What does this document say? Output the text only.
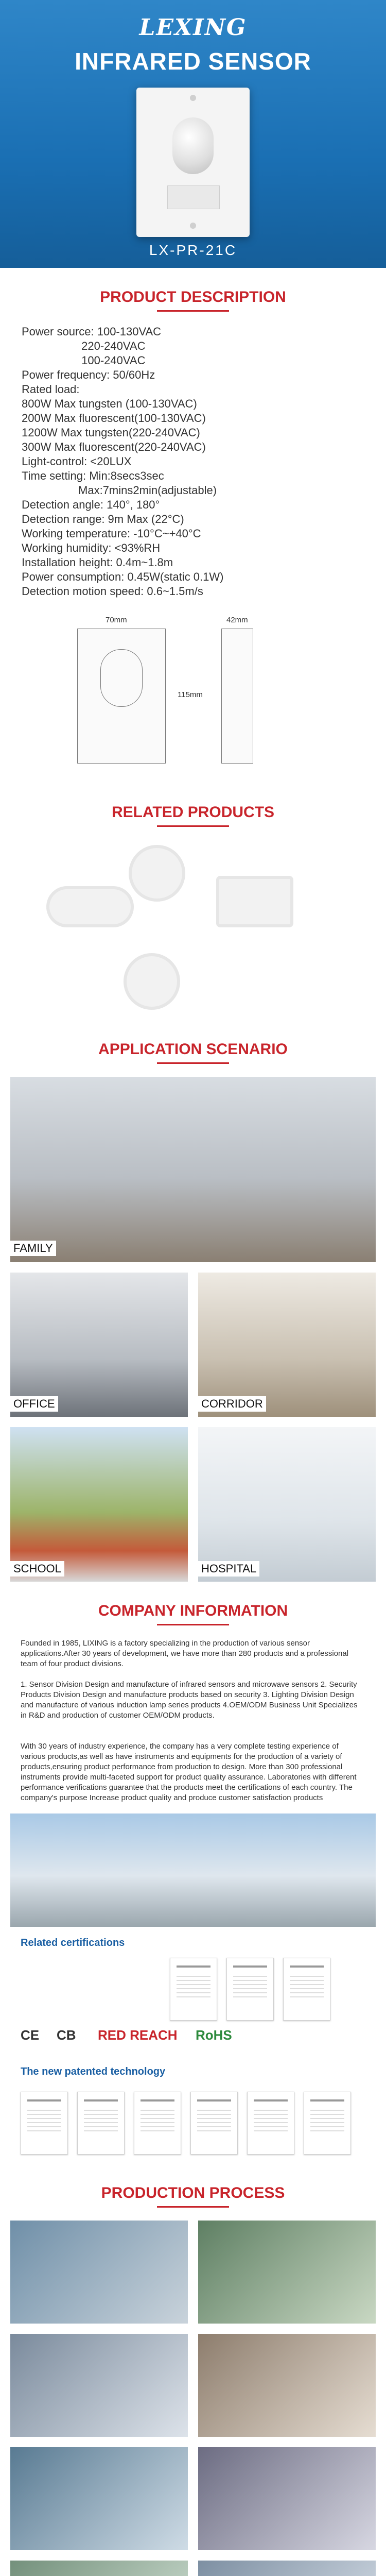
LEXING
INFRARED SENSOR
LX-PR-21C
PRODUCT DESCRIPTION
Power source: 100-130VAC
220-240VAC
100-240VAC
Power frequency: 50/60Hz
Rated load:
800W Max tungsten (100-130VAC)
200W Max fluorescent(100-130VAC)
1200W Max tungsten(220-240VAC)
300W Max fluorescent(220-240VAC)
Light-control: <20LUX
Time setting: Min:8secs3sec
Max:7mins2min(adjustable)
Detection angle: 140°, 180°
Detection range: 9m Max (22°C)
Working temperature: -10°C~+40°C
Working humidity: <93%RH
Installation height: 0.4m~1.8m
Power consumption: 0.45W(static 0.1W)
Detection motion speed: 0.6~1.5m/s
70mm	42mm
115mm
RELATED PRODUCTS
APPLICATION SCENARIO
FAMILY
OFFICE	CORRIDOR
SCHOOL	HOSPITAL
COMPANY INFORMATION
Founded in 1985, LIXING is a factory specializing in the production of various sensor applications.After 30 years of development, we have more than 280 products and a professional team of four product divisions.
1. Sensor Division Design and manufacture of infrared sensors and microwave sensors 2. Security Products Division Design and manufacture products based on security 3. Lighting Division Design and manufacture of various induction lamp series products 4.OEM/ODM Business Unit Specializes in R&D and production of customer OEM/ODM products.
With 30 years of industry experience, the company has a very complete testing experience of various products,as well as have instruments and equipments for the production of a variety of products,ensuring product performance from production to design. More than 300 professional instruments provide multi-faceted support for product quality assurance. Laboratories with different performance verifications guarantee that the products meet the certifications of each country. The company's purpose Increase product quality and produce customer satisfaction products
Related certifications
CE CB RED REACH RoHS
The new patented technology
PRODUCTION PROCESS
